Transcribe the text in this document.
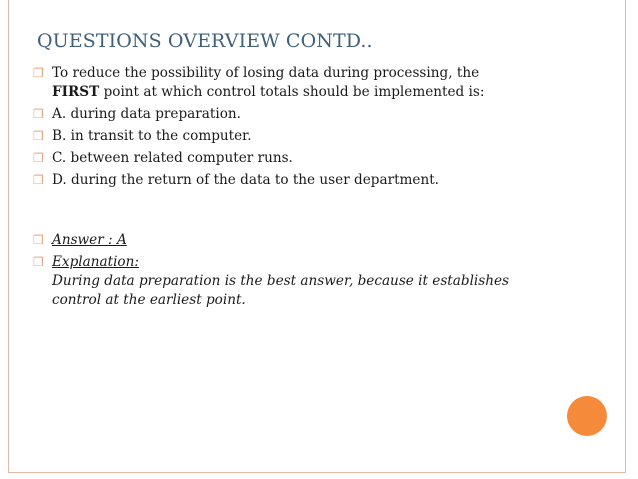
QUESTIONS OVERVIEW CONTD..
❒ To reduce the possibility of losing data during processing, the
FIRST point at which control totals should be implemented is:
❒ A. during data preparation.
❒ B. in transit to the computer.
❒ C. between related computer runs.
❒ D. during the return of the data to the user department.
❒ Answer : A
❒ Explanation:
During data preparation is the best answer, because it establishes
control at the earliest point.
